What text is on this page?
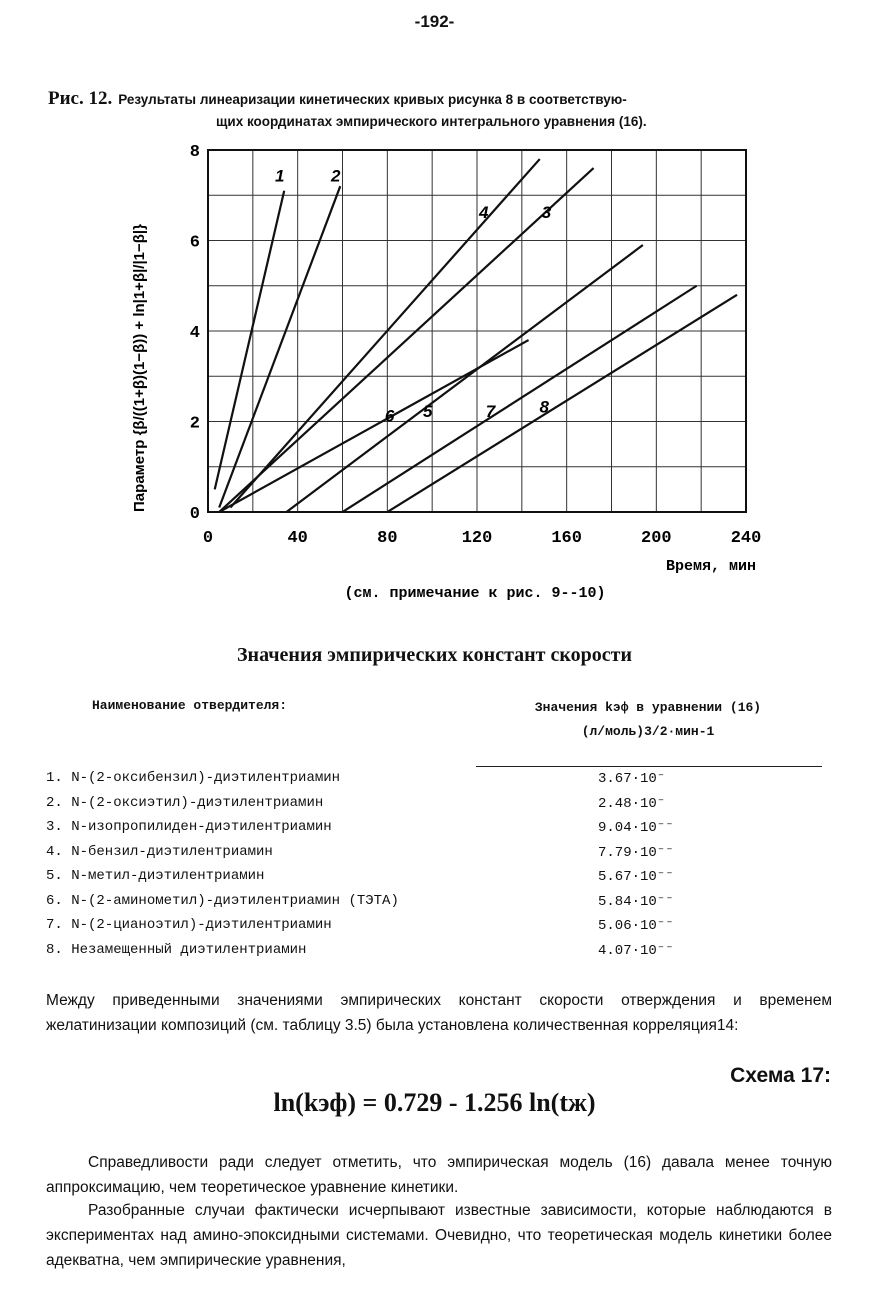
-192-
Рис. 12. Результаты линеаризации кинетических кривых рисунка 8 в соответствую-
щих координатах эмпирического интегрального уравнения (16).
0	40	80	120	160	200	240
0
2
4
6
8
1	2
3
4
5
6	7	8
Параметр {β/((1+β)(1−β)) + ln|1+β|/|1−β|}
Время, мин
(см. примечание к рис. 9--10)
Значения эмпирических констант скорости
Наименование отвердителя:	Значения kэф в уравнении (16)
(л/моль)3/2·мин-1
1. N-(2-оксибензил)-диэтилентриамин	3.67·10⁻
2. N-(2-оксиэтил)-диэтилентриамин	2.48·10⁻
3. N-изопропилиден-диэтилентриамин	9.04·10⁻⁻
4. N-бензил-диэтилентриамин	7.79·10⁻⁻
5. N-метил-диэтилентриамин	5.67·10⁻⁻
6. N-(2-аминометил)-диэтилентриамин (ТЭТА)	5.84·10⁻⁻
7. N-(2-цианоэтил)-диэтилентриамин	5.06·10⁻⁻
8. Незамещенный диэтилентриамин	4.07·10⁻⁻
Между приведенными значениями эмпирических констант скорости отверждения и временем желатинизации композиций (см. таблицу 3.5) была установлена количественная корреляция14:
Схема 17:
ln(kэф) = 0.729 - 1.256 ln(tж)
Справедливости ради следует отметить, что эмпирическая модель (16) давала менее точную аппроксимацию, чем теоретическое уравнение кинетики.
Разобранные случаи фактически исчерпывают известные зависимости, которые наблюдаются в экспериментах над амино-эпоксидными системами. Очевидно, что теоретическая модель кинетики более адекватна, чем эмпирические уравнения,
